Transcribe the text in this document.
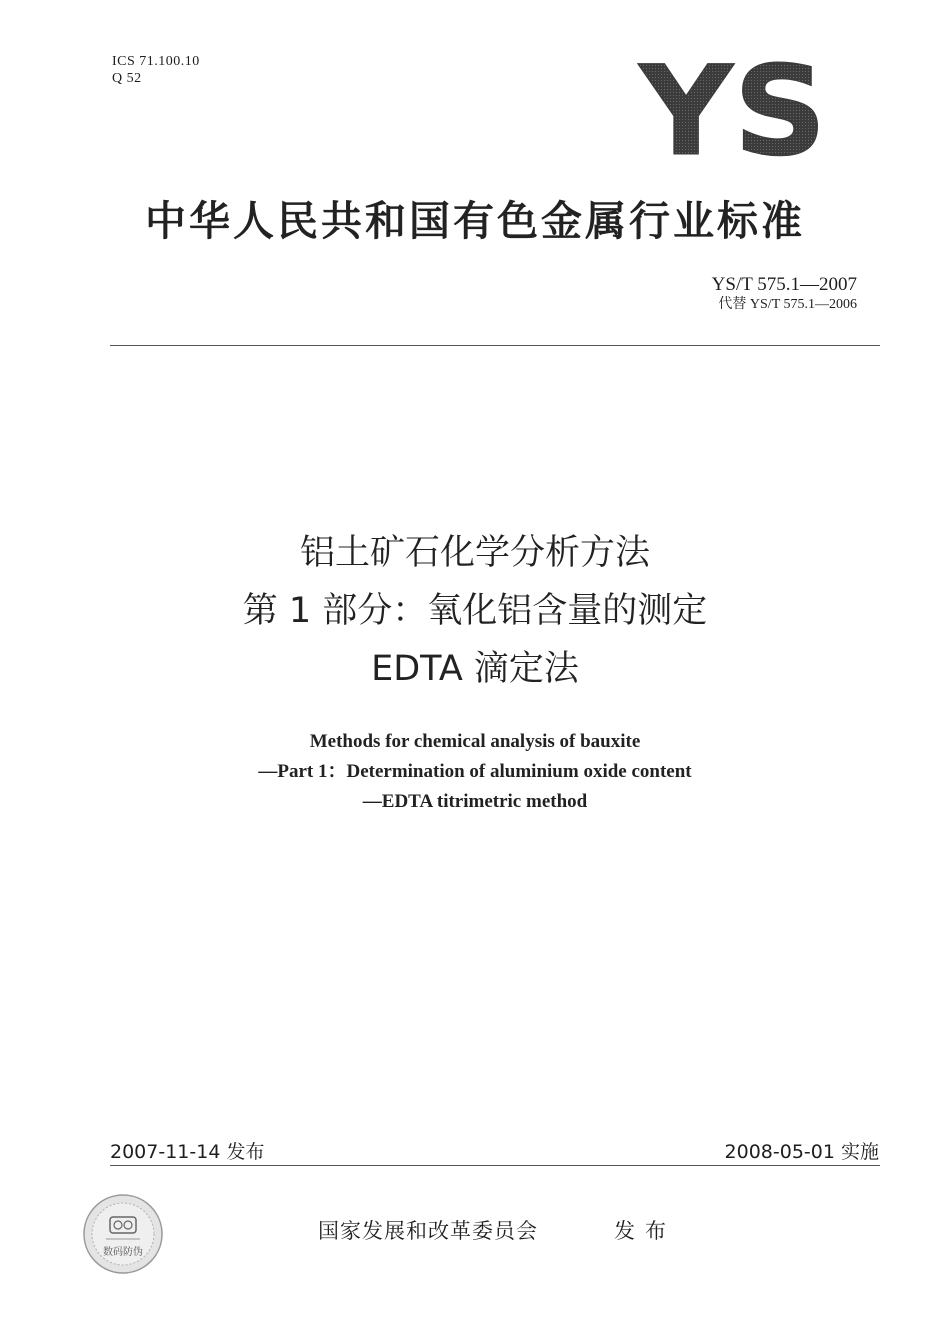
ICS 71.100.10
Q 52	YS
中华人民共和国有色金属行业标准
YS/T 575.1—2007
代替 YS/T 575.1—2006
铝土矿石化学分析方法
第 1 部分：氧化铝含量的测定
EDTA 滴定法
Methods for chemical analysis of bauxite
—Part 1：Determination of aluminium oxide content
—EDTA titrimetric method
2007-11-14 发布	2008-05-01 实施
数码防伪
国家发展和改革委员会	发布
